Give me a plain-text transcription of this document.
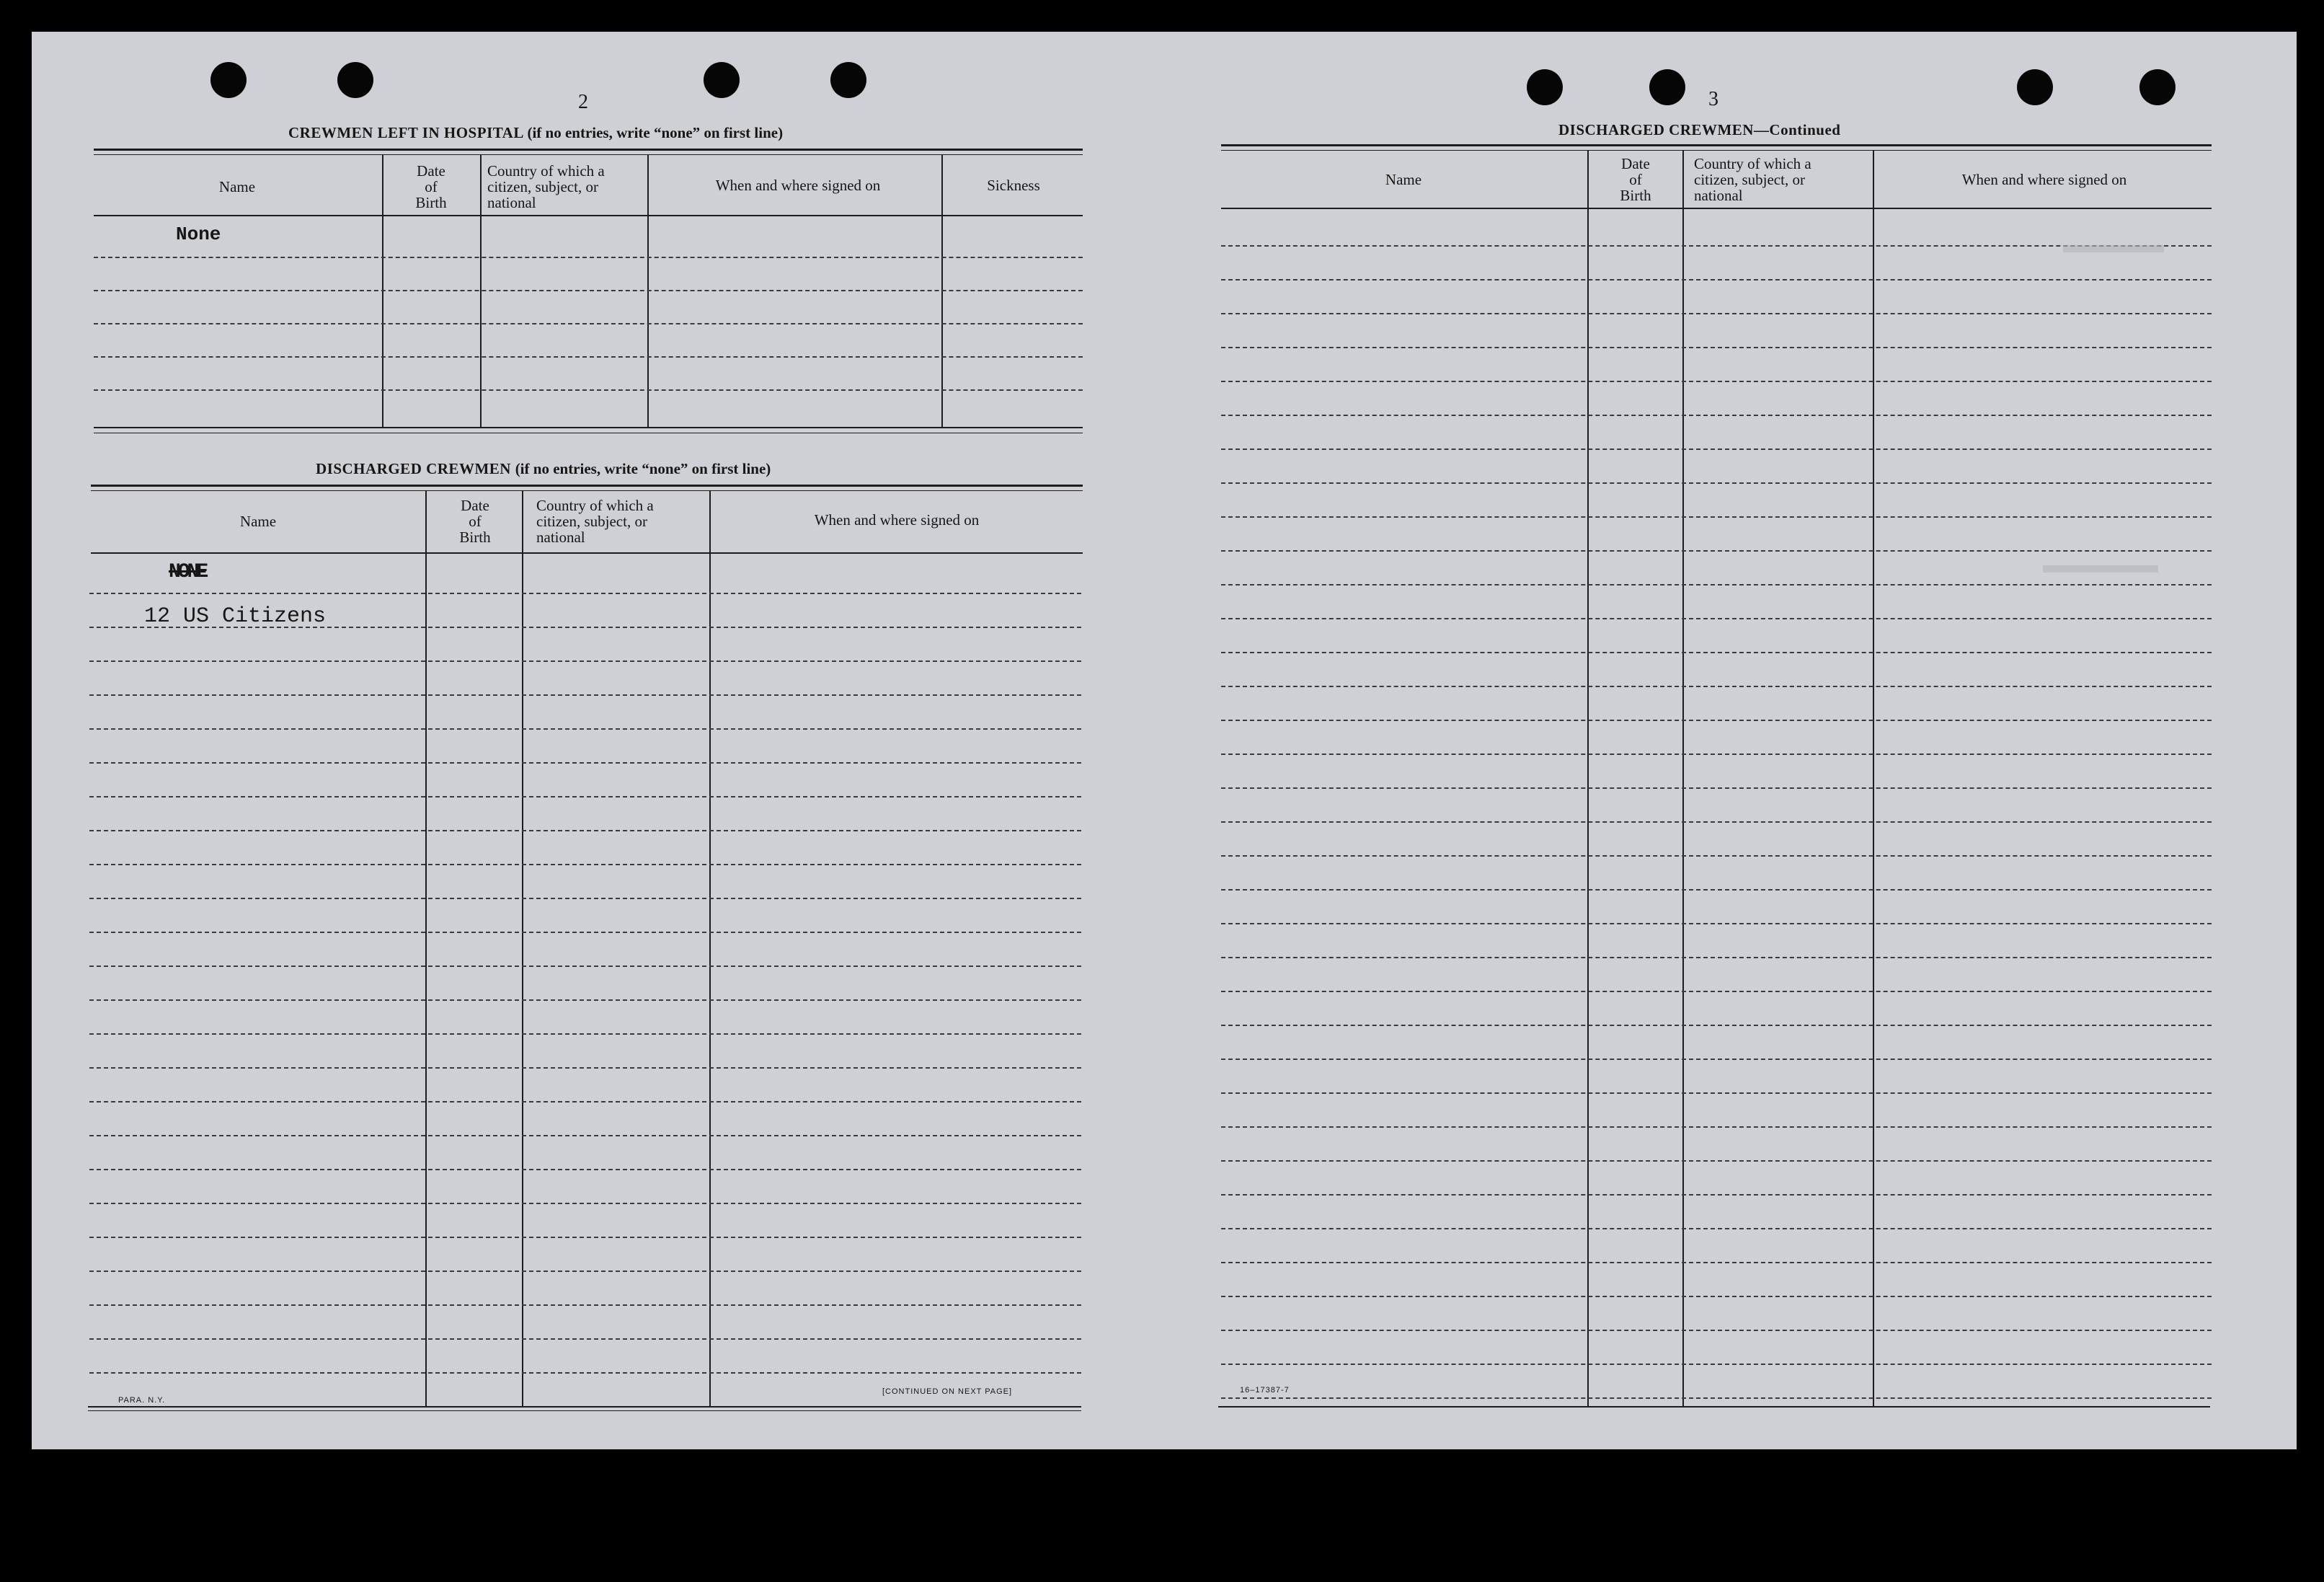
2
CREWMEN LEFT IN HOSPITAL (if no entries, write “none” on first line)
Name
Date
of
Birth
Country of which a
citizen, subject, or
national
When and where signed on	Sickness
None
DISCHARGED CREWMEN (if no entries, write “none” on first line)
Name
Date
of
Birth
Country of which a
citizen, subject, or
national
When and where signed on
NONE
12 US Citizens
PARA. N.Y.
[CONTINUED ON NEXT PAGE]
3
DISCHARGED CREWMEN—Continued
Name
Date
of
Birth
Country of which a
citizen, subject, or
national
When and where signed on
16–17387-7
